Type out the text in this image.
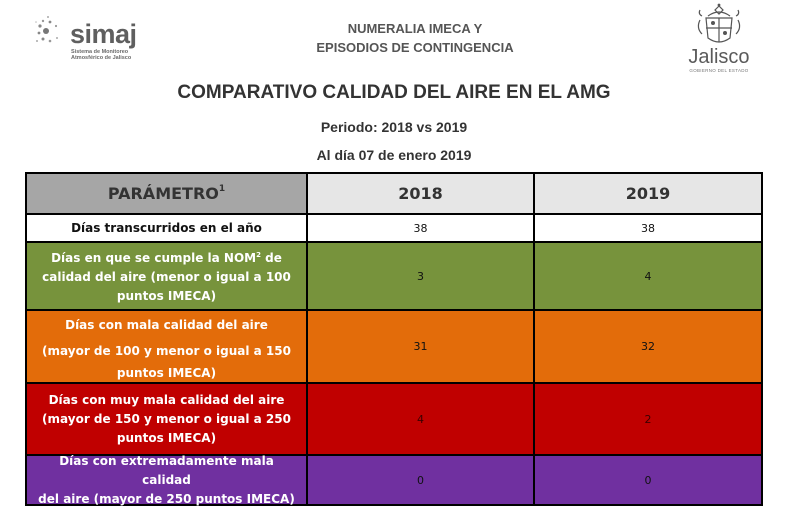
simaj
Sistema de Monitoreo
Atmosférico de Jalisco
NUMERALIA IMECA Y
EPISODIOS DE CONTINGENCIA	Jalisco
GOBIERNO DEL ESTADO
COMPARATIVO CALIDAD DEL AIRE EN EL AMG
Periodo: 2018 vs 2019
Al día 07 de enero 2019
PARÁMETRO$^1$	2018	2019
Días transcurridos en el año	38	38
Días en que se cumple la NOM$^2$ de
calidad del aire (menor o igual a 100
puntos IMECA)
3	4
Días con mala calidad del aire
(mayor de 100 y menor o igual a 150
puntos IMECA)
31	32
Días con muy mala calidad del aire
(mayor de 150 y menor o igual a 250
puntos IMECA)
4	2
Días con extremadamente mala calidad
del aire (mayor de 250 puntos IMECA)
0	0
